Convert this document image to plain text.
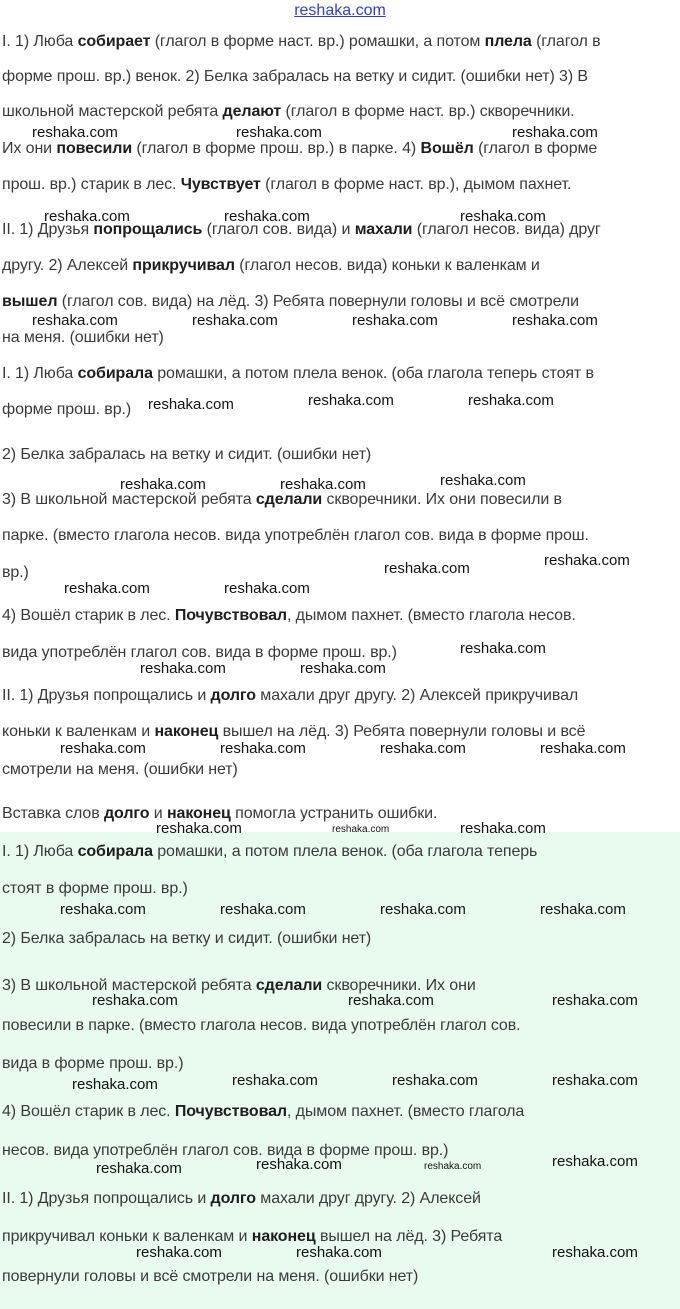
reshaka.com
I. 1) Люба собирает (глагол в форме наст. вр.) ромашки, а потом плела (глагол в
форме прош. вр.) венок. 2) Белка забралась на ветку и сидит. (ошибки нет) 3) В
школьной мастерской ребята делают (глагол в форме наст. вр.) скворечники.
Их они повесили (глагол в форме прош. вр.) в парке. 4) Вошёл (глагол в форме
прош. вр.) старик в лес. Чувствует (глагол в форме наст. вр.), дымом пахнет.
II. 1) Друзья попрощались (глагол сов. вида) и махали (глагол несов. вида) друг
другу. 2) Алексей прикручивал (глагол несов. вида) коньки к валенкам и
вышел (глагол сов. вида) на лёд. 3) Ребята повернули головы и всё смотрели
на меня. (ошибки нет)
I. 1) Люба собирала ромашки, а потом плела венок. (оба глагола теперь стоят в
форме прош. вр.)
2) Белка забралась на ветку и сидит. (ошибки нет)
3) В школьной мастерской ребята сделали скворечники. Их они повесили в
парке. (вместо глагола несов. вида употреблён глагол сов. вида в форме прош.
вр.)
4) Вошёл старик в лес. Почувствовал, дымом пахнет. (вместо глагола несов.
вида употреблён глагол сов. вида в форме прош. вр.)
II. 1) Друзья попрощались и долго махали друг другу. 2) Алексей прикручивал
коньки к валенкам и наконец вышел на лёд. 3) Ребята повернули головы и всё
смотрели на меня. (ошибки нет)
Вставка слов долго и наконец помогла устранить ошибки.
I. 1) Люба собирала ромашки, а потом плела венок. (оба глагола теперь
стоят в форме прош. вр.)
2) Белка забралась на ветку и сидит. (ошибки нет)
3) В школьной мастерской ребята сделали скворечники. Их они
повесили в парке. (вместо глагола несов. вида употреблён глагол сов.
вида в форме прош. вр.)
4) Вошёл старик в лес. Почувствовал, дымом пахнет. (вместо глагола
несов. вида употреблён глагол сов. вида в форме прош. вр.)
II. 1) Друзья попрощались и долго махали друг другу. 2) Алексей
прикручивал коньки к валенкам и наконец вышел на лёд. 3) Ребята
повернули головы и всё смотрели на меня. (ошибки нет)
reshaka.com	reshaka.com	reshaka.com
reshaka.com	reshaka.com	reshaka.com
reshaka.com	reshaka.com	reshaka.com	reshaka.com
reshaka.com	reshaka.com	reshaka.com
reshaka.com	reshaka.com	reshaka.com
reshaka.com
reshaka.com
reshaka.com	reshaka.com
reshaka.com
reshaka.com	reshaka.com
reshaka.com	reshaka.com	reshaka.com	reshaka.com
reshaka.com	reshaka.com	reshaka.com
reshaka.com	reshaka.com	reshaka.com	reshaka.com
reshaka.com	reshaka.com	reshaka.com
reshaka.com	reshaka.com	reshaka.com	reshaka.com
reshaka.com	reshaka.com	reshaka.com	reshaka.com
reshaka.com	reshaka.com	reshaka.com
